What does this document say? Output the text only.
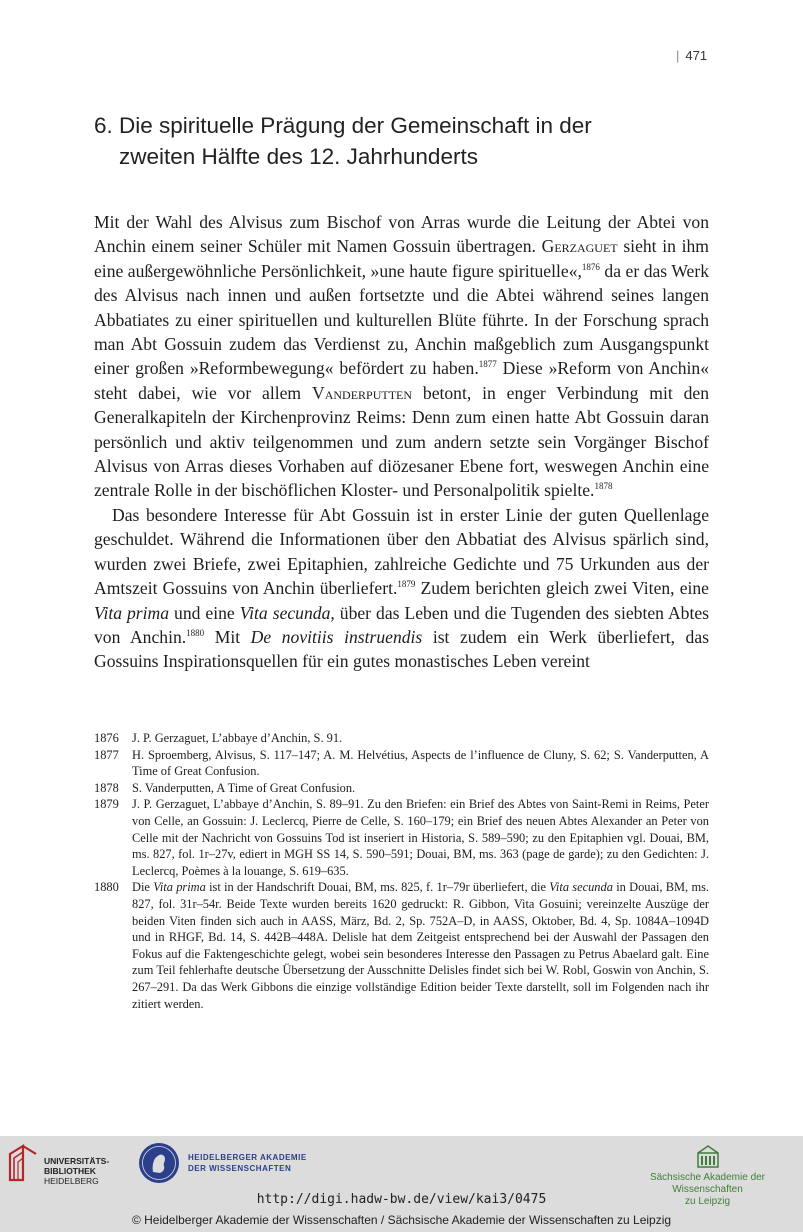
| 471
6. Die spirituelle Prägung der Gemeinschaft in der
zweiten Hälfte des 12. Jahrhunderts

Mit der Wahl des Alvisus zum Bischof von Arras wurde die Leitung der Abtei von Anchin einem seiner Schüler mit Namen Gossuin übertragen. Gerzaguet sieht in ihm eine außergewöhnliche Persönlichkeit, »une haute figure spirituelle«,$^{1876}$ da er das Werk des Alvisus nach innen und außen fortsetzte und die Abtei während seines langen Abbatiates zu einer spirituellen und kulturellen Blüte führte. In der Forschung sprach man Abt Gossuin zudem das Verdienst zu, Anchin maßgeblich zum Ausgangspunkt einer großen »Reformbewegung« befördert zu haben.$^{1877}$ Diese »Reform von Anchin« steht dabei, wie vor allem Vanderputten betont, in enger Verbindung mit den Generalkapiteln der Kirchenprovinz Reims: Denn zum einen hatte Abt Gossuin daran persönlich und aktiv teilgenommen und zum andern setzte sein Vorgänger Bischof Alvisus von Arras dieses Vorhaben auf diözesaner Ebene fort, weswegen Anchin eine zentrale Rolle in der bischöflichen Kloster- und Personalpolitik spielte.$^{1878}$

Das besondere Interesse für Abt Gossuin ist in erster Linie der guten Quellenlage geschuldet. Während die Informationen über den Abbatiat des Alvisus spärlich sind, wurden zwei Briefe, zwei Epitaphien, zahlreiche Gedichte und 75 Urkunden aus der Amtszeit Gossuins von Anchin überliefert.$^{1879}$ Zudem berichten gleich zwei Viten, eine Vita prima und eine Vita secunda, über das Leben und die Tugenden des siebten Abtes von Anchin.$^{1880}$ Mit De novitiis instruendis ist zudem ein Werk überliefert, das Gossuins Inspirationsquellen für ein gutes monastisches Leben vereint

1876	J. P. Gerzaguet, L’abbaye d’Anchin, S. 91.
1877	H. Sproemberg, Alvisus, S. 117–147; A. M. Helvétius, Aspects de l’influence de Cluny, S. 62; S. Vanderputten, A Time of Great Confusion.
1878	S. Vanderputten, A Time of Great Confusion.
1879	J. P. Gerzaguet, L’abbaye d’Anchin, S. 89–91. Zu den Briefen: ein Brief des Abtes von Saint-Remi in Reims, Peter von Celle, an Gossuin: J. Leclercq, Pierre de Celle, S. 160–179; ein Brief des neuen Abtes Alexander an Peter von Celle mit der Nachricht von Gossuins Tod ist inseriert in Historia, S. 589–590; zu den Epitaphien vgl. Douai, BM, ms. 827, fol. 1r–27v, ediert in MGH SS 14, S. 590–591; Douai, BM, ms. 363 (page de garde); zu den Gedichten: J. Leclercq, Poèmes à la louange, S. 619–635.
1880	Die Vita prima ist in der Handschrift Douai, BM, ms. 825, f. 1r–79r überliefert, die Vita secunda in Douai, BM, ms. 827, fol. 31r–54r. Beide Texte wurden bereits 1620 gedruckt: R. Gibbon, Vita Gosuini; vereinzelte Auszüge der beiden Viten finden sich auch in AASS, März, Bd. 2, Sp. 752A–D, in AASS, Oktober, Bd. 4, Sp. 1084A–1094D und in RHGF, Bd. 14, S. 442B–448A. Delisle hat dem Zeitgeist entsprechend bei der Auswahl der Passagen den Fokus auf die Faktengeschichte gelegt, wobei sein besonderes Interesse den Passagen zu Petrus Abaelard galt. Eine zum Teil fehlerhafte deutsche Übersetzung der Ausschnitte Delisles findet sich bei W. Robl, Goswin von Anchin, S. 267–291. Da das Werk Gibbons die einzige vollständige Edition beider Texte darstellt, soll im Folgenden nach ihr zitiert werden.
UNIVERSITÄTS-
BIBLIOTHEK
HEIDELBERG
HEIDELBERGER AKADEMIE
DER WISSENSCHAFTEN
Sächsische Akademie der Wissenschaften
zu Leipzig
http://digi.hadw-bw.de/view/kai3/0475
© Heidelberger Akademie der Wissenschaften / Sächsische Akademie der Wissenschaften zu Leipzig
